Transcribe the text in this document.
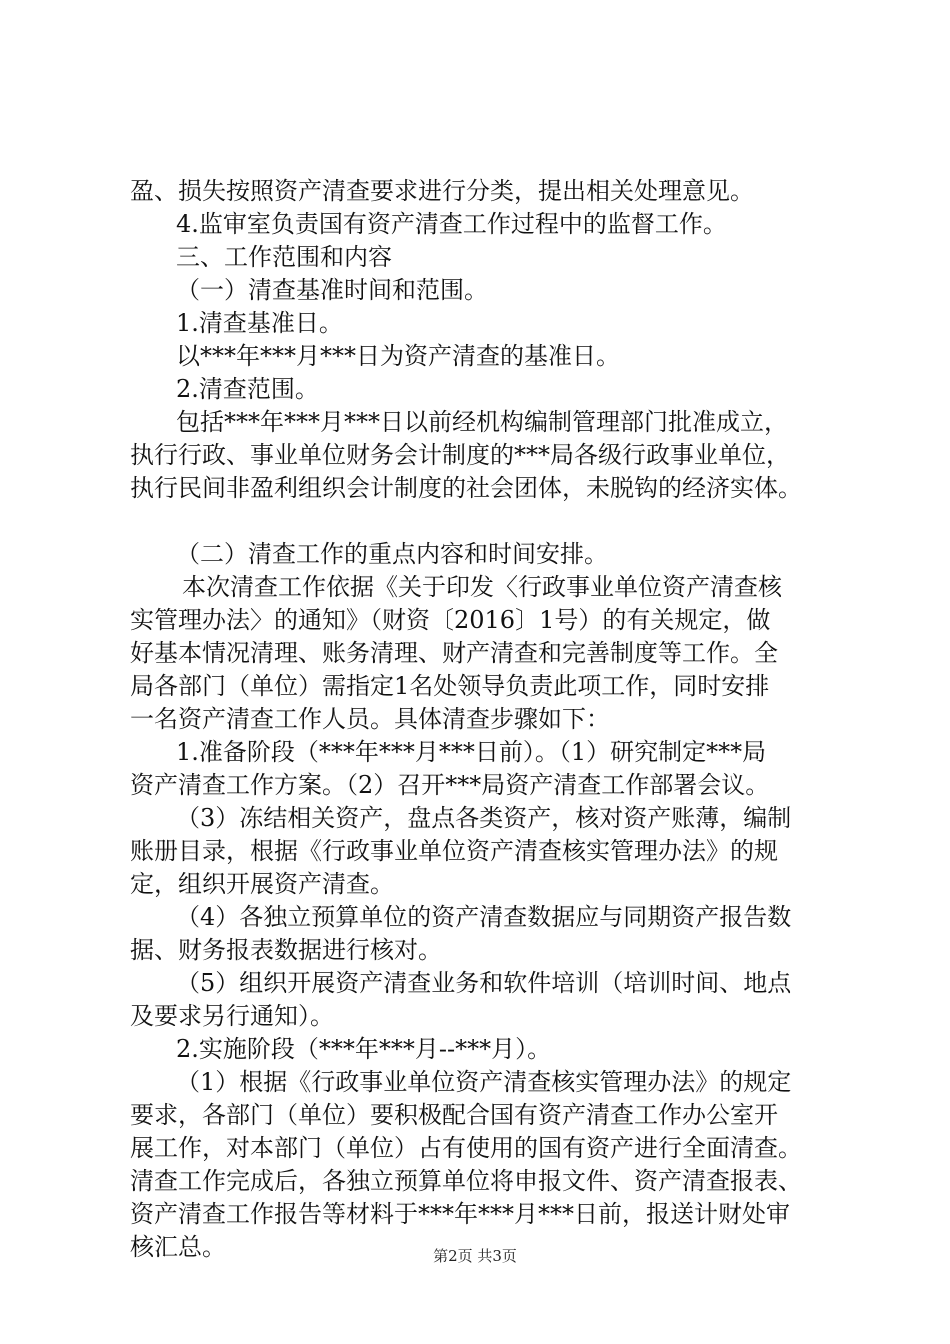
盈、损失按照资产清查要求进行分类，提出相关处理意见。
4.监审室负责国有资产清查工作过程中的监督工作。
三、工作范围和内容
（一）清查基准时间和范围。
1.清查基准日。
以***年***月***日为资产清查的基准日。
2.清查范围。
包括***年***月***日以前经机构编制管理部门批准成立，
执行行政、事业单位财务会计制度的***局各级行政事业单位，
执行民间非盈利组织会计制度的社会团体，未脱钩的经济实体。
（二）清查工作的重点内容和时间安排。
本次清查工作依据《关于印发〈行政事业单位资产清查核
实管理办法〉的通知》（财资〔2016〕1号）的有关规定，做
好基本情况清理、账务清理、财产清查和完善制度等工作。全
局各部门（单位）需指定1名处领导负责此项工作，同时安排
一名资产清查工作人员。具体清查步骤如下：
1.准备阶段（***年***月***日前）。（1）研究制定***局
资产清查工作方案。（2）召开***局资产清查工作部署会议。
（3）冻结相关资产，盘点各类资产，核对资产账薄，编制
账册目录，根据《行政事业单位资产清查核实管理办法》的规
定，组织开展资产清查。
（4）各独立预算单位的资产清查数据应与同期资产报告数
据、财务报表数据进行核对。
（5）组织开展资产清查业务和软件培训（培训时间、地点
及要求另行通知）。
2.实施阶段（***年***月--***月）。
（1）根据《行政事业单位资产清查核实管理办法》的规定
要求，各部门（单位）要积极配合国有资产清查工作办公室开
展工作，对本部门（单位）占有使用的国有资产进行全面清查。
清查工作完成后，各独立预算单位将申报文件、资产清查报表、
资产清查工作报告等材料于***年***月***日前，报送计财处审
核汇总。	第2页 共3页
